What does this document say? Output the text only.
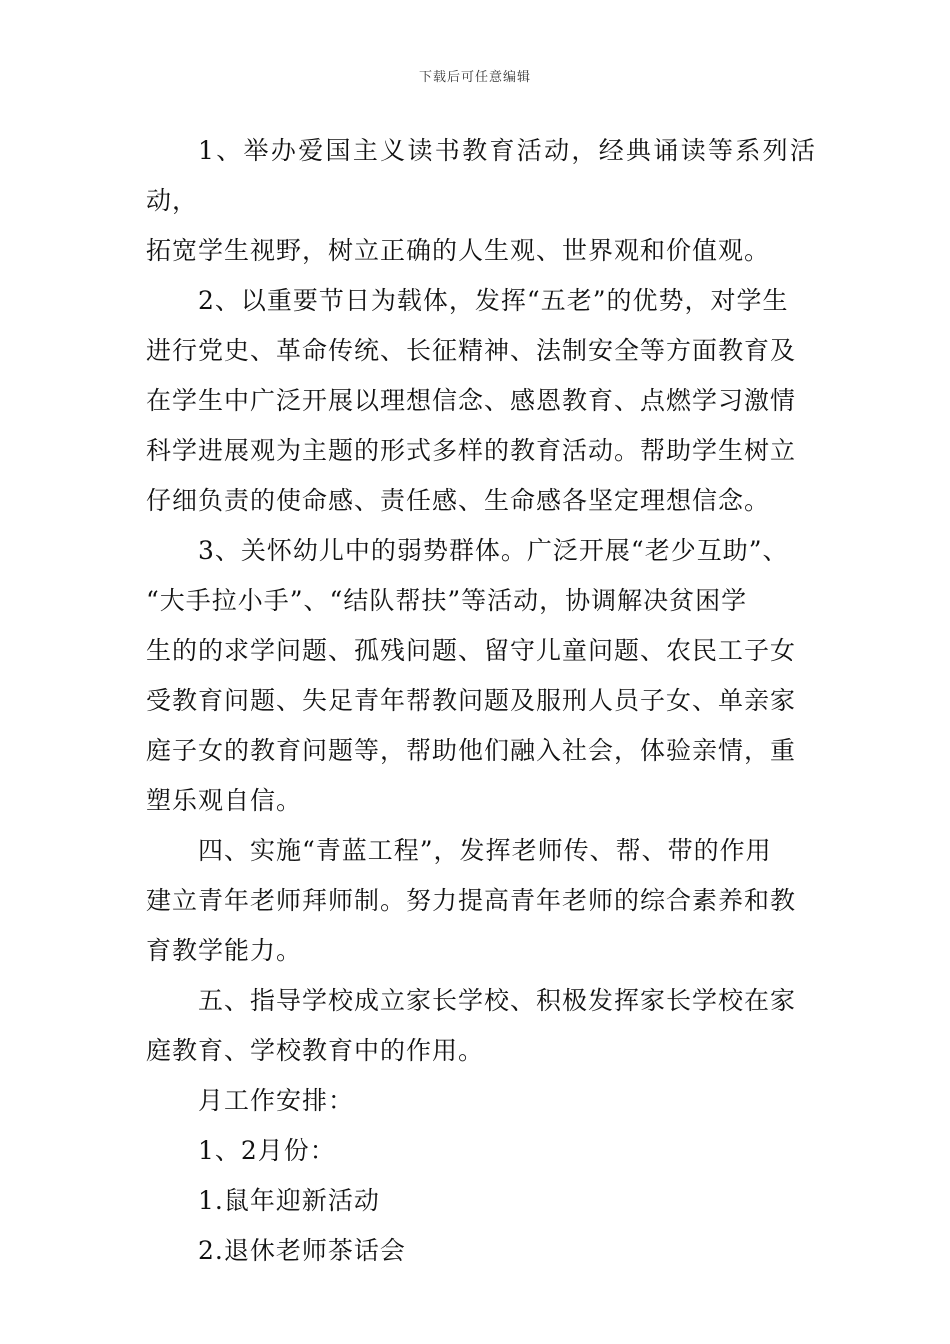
下载后可任意编辑

1、举办爱国主义读书教育活动，经典诵读等系列活动，
拓宽学生视野，树立正确的人生观、世界观和价值观。

2、以重要节日为载体，发挥“五老”的优势，对学生
进行党史、革命传统、长征精神、法制安全等方面教育及
在学生中广泛开展以理想信念、感恩教育、点燃学习激情
科学进展观为主题的形式多样的教育活动。帮助学生树立
仔细负责的使命感、责任感、生命感各坚定理想信念。

3、关怀幼儿中的弱势群体。广泛开展“老少互助”、
“大手拉小手”、“结队帮扶”等活动，协调解决贫困学
生的的求学问题、孤残问题、留守儿童问题、农民工子女
受教育问题、失足青年帮教问题及服刑人员子女、单亲家
庭子女的教育问题等，帮助他们融入社会，体验亲情，重
塑乐观自信。

四、实施“青蓝工程”，发挥老师传、帮、带的作用
建立青年老师拜师制。努力提高青年老师的综合素养和教
育教学能力。

五、指导学校成立家长学校、积极发挥家长学校在家
庭教育、学校教育中的作用。

月工作安排：

1、2月份：

1.鼠年迎新活动

2.退休老师茶话会
